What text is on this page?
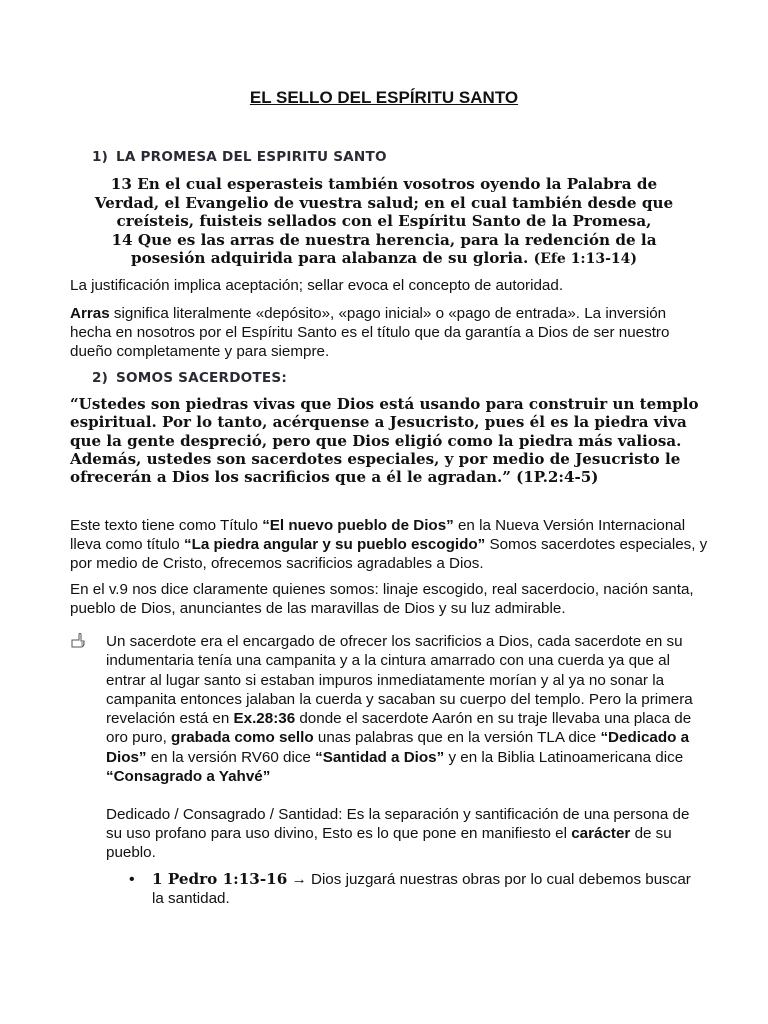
EL SELLO DEL ESPÍRITU SANTO
1) LA PROMESA DEL ESPIRITU SANTO
13 En el cual esperasteis también vosotros oyendo la Palabra de
Verdad, el Evangelio de vuestra salud; en el cual también desde que
creísteis, fuisteis sellados con el Espíritu Santo de la Promesa,
14 Que es las arras de nuestra herencia, para la redención de la
posesión adquirida para alabanza de su gloria. (Efe 1:13-14)
La justificación implica aceptación; sellar evoca el concepto de autoridad.
Arras significa literalmente «depósito», «pago inicial» o «pago de entrada». La inversión hecha en nosotros por el Espíritu Santo es el título que da garantía a Dios de ser nuestro dueño completamente y para siempre.
2) SOMOS SACERDOTES:
“Ustedes son piedras vivas que Dios está usando para construir un templo espiritual. Por lo tanto, acérquense a Jesucristo, pues él es la piedra viva que la gente despreció, pero que Dios eligió como la piedra más valiosa. Además, ustedes son sacerdotes especiales, y por medio de Jesucristo le ofrecerán a Dios los sacrificios que a él le agradan.” (1P.2:4-5)
Este texto tiene como Título “El nuevo pueblo de Dios” en la Nueva Versión Internacional lleva como título “La piedra angular y su pueblo escogido” Somos sacerdotes especiales, y por medio de Cristo, ofrecemos sacrificios agradables a Dios.
En el v.9 nos dice claramente quienes somos: linaje escogido, real sacerdocio, nación santa, pueblo de Dios, anunciantes de las maravillas de Dios y su luz admirable.
Un sacerdote era el encargado de ofrecer los sacrificios a Dios, cada sacerdote en su indumentaria tenía una campanita y a la cintura amarrado con una cuerda ya que al entrar al lugar santo si estaban impuros inmediatamente morían y al ya no sonar la campanita entonces jalaban la cuerda y sacaban su cuerpo del templo. Pero la primera revelación está en Ex.28:36 donde el sacerdote Aarón en su traje llevaba una placa de oro puro, grabada como sello unas palabras que en la versión TLA dice “Dedicado a Dios” en la versión RV60 dice “Santidad a Dios” y en la Biblia Latinoamericana dice “Consagrado a Yahvé”
Dedicado / Consagrado / Santidad: Es la separación y santificación de una persona de su uso profano para uso divino, Esto es lo que pone en manifiesto el carácter de su pueblo.
• 1 Pedro 1:13-16 → Dios juzgará nuestras obras por lo cual debemos buscar la santidad.
